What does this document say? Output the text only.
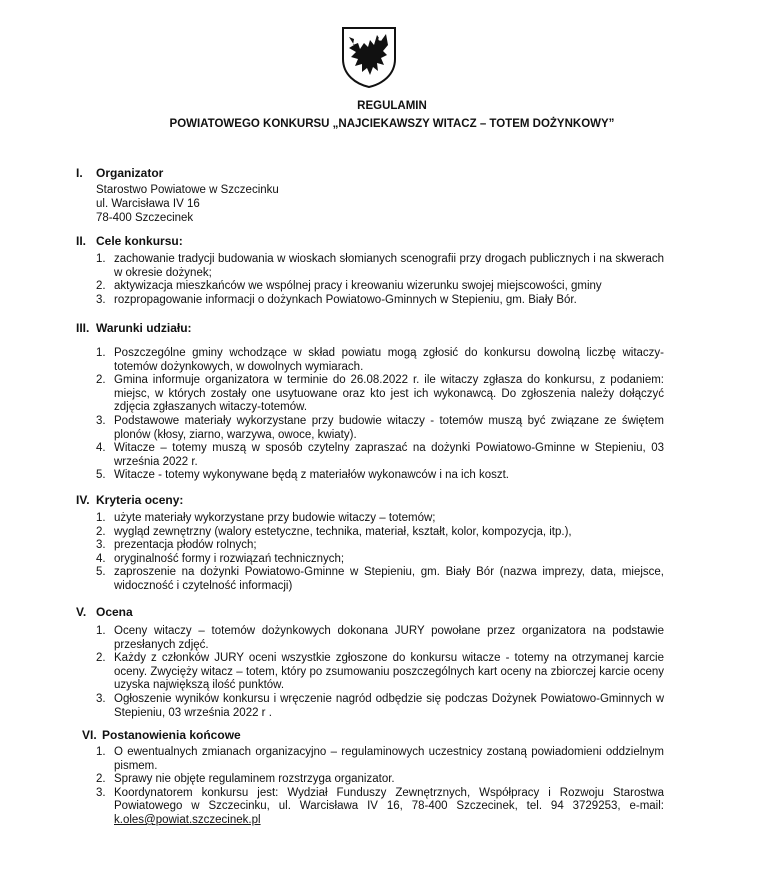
REGULAMIN
POWIATOWEGO KONKURSU „NAJCIEKAWSZY WITACZ – TOTEM DOŻYNKOWY”
I. Organizator
Starostwo Powiatowe w Szczecinku
ul. Warcisława IV 16
78-400 Szczecinek
II. Cele konkursu:
1. zachowanie tradycji budowania w wioskach słomianych scenografii przy drogach publicznych i na skwerach w okresie dożynek;
2. aktywizacja mieszkańców we wspólnej pracy i kreowaniu wizerunku swojej miejscowości, gminy
3. rozpropagowanie informacji o dożynkach Powiatowo-Gminnych w Stepieniu, gm. Biały Bór.
III. Warunki udziału:
1. Poszczególne gminy wchodzące w skład powiatu mogą zgłosić do konkursu dowolną liczbę witaczy-totemów dożynkowych, w dowolnych wymiarach.
2. Gmina informuje organizatora w terminie do 26.08.2022 r. ile witaczy zgłasza do konkursu, z podaniem: miejsc, w których zostały one usytuowane oraz kto jest ich wykonawcą. Do zgłoszenia należy dołączyć zdjęcia zgłaszanych witaczy-totemów.
3. Podstawowe materiały wykorzystane przy budowie witaczy - totemów muszą być związane ze świętem plonów (kłosy, ziarno, warzywa, owoce, kwiaty).
4. Witacze – totemy muszą w sposób czytelny zapraszać na dożynki Powiatowo-Gminne w Stepieniu, 03 września 2022 r.
5. Witacze - totemy wykonywane będą z materiałów wykonawców i na ich koszt.
IV. Kryteria oceny:
1. użyte materiały wykorzystane przy budowie witaczy – totemów;
2. wygląd zewnętrzny (walory estetyczne, technika, materiał, kształt, kolor, kompozycja, itp.),
3. prezentacja płodów rolnych;
4. oryginalność formy i rozwiązań technicznych;
5. zaproszenie na dożynki Powiatowo-Gminne w Stepieniu, gm. Biały Bór (nazwa imprezy, data, miejsce, widoczność i czytelność informacji)
V. Ocena
1. Oceny witaczy – totemów dożynkowych dokonana JURY powołane przez organizatora na podstawie przesłanych zdjęć.
2. Każdy z członków JURY oceni wszystkie zgłoszone do konkursu witacze - totemy na otrzymanej karcie oceny. Zwycięży witacz – totem, który po zsumowaniu poszczególnych kart oceny na zbiorczej karcie oceny uzyska największą ilość punktów.
3. Ogłoszenie wyników konkursu i wręczenie nagród odbędzie się podczas Dożynek Powiatowo-Gminnych w Stepieniu, 03 września 2022 r .
VI. Postanowienia końcowe
1. O ewentualnych zmianach organizacyjno – regulaminowych uczestnicy zostaną powiadomieni oddzielnym pismem.
2. Sprawy nie objęte regulaminem rozstrzyga organizator.
3. Koordynatorem konkursu jest: Wydział Funduszy Zewnętrznych, Współpracy i Rozwoju Starostwa Powiatowego w Szczecinku, ul. Warcisława IV 16, 78-400 Szczecinek, tel. 94 3729253, e-mail: k.oles@powiat.szczecinek.pl
